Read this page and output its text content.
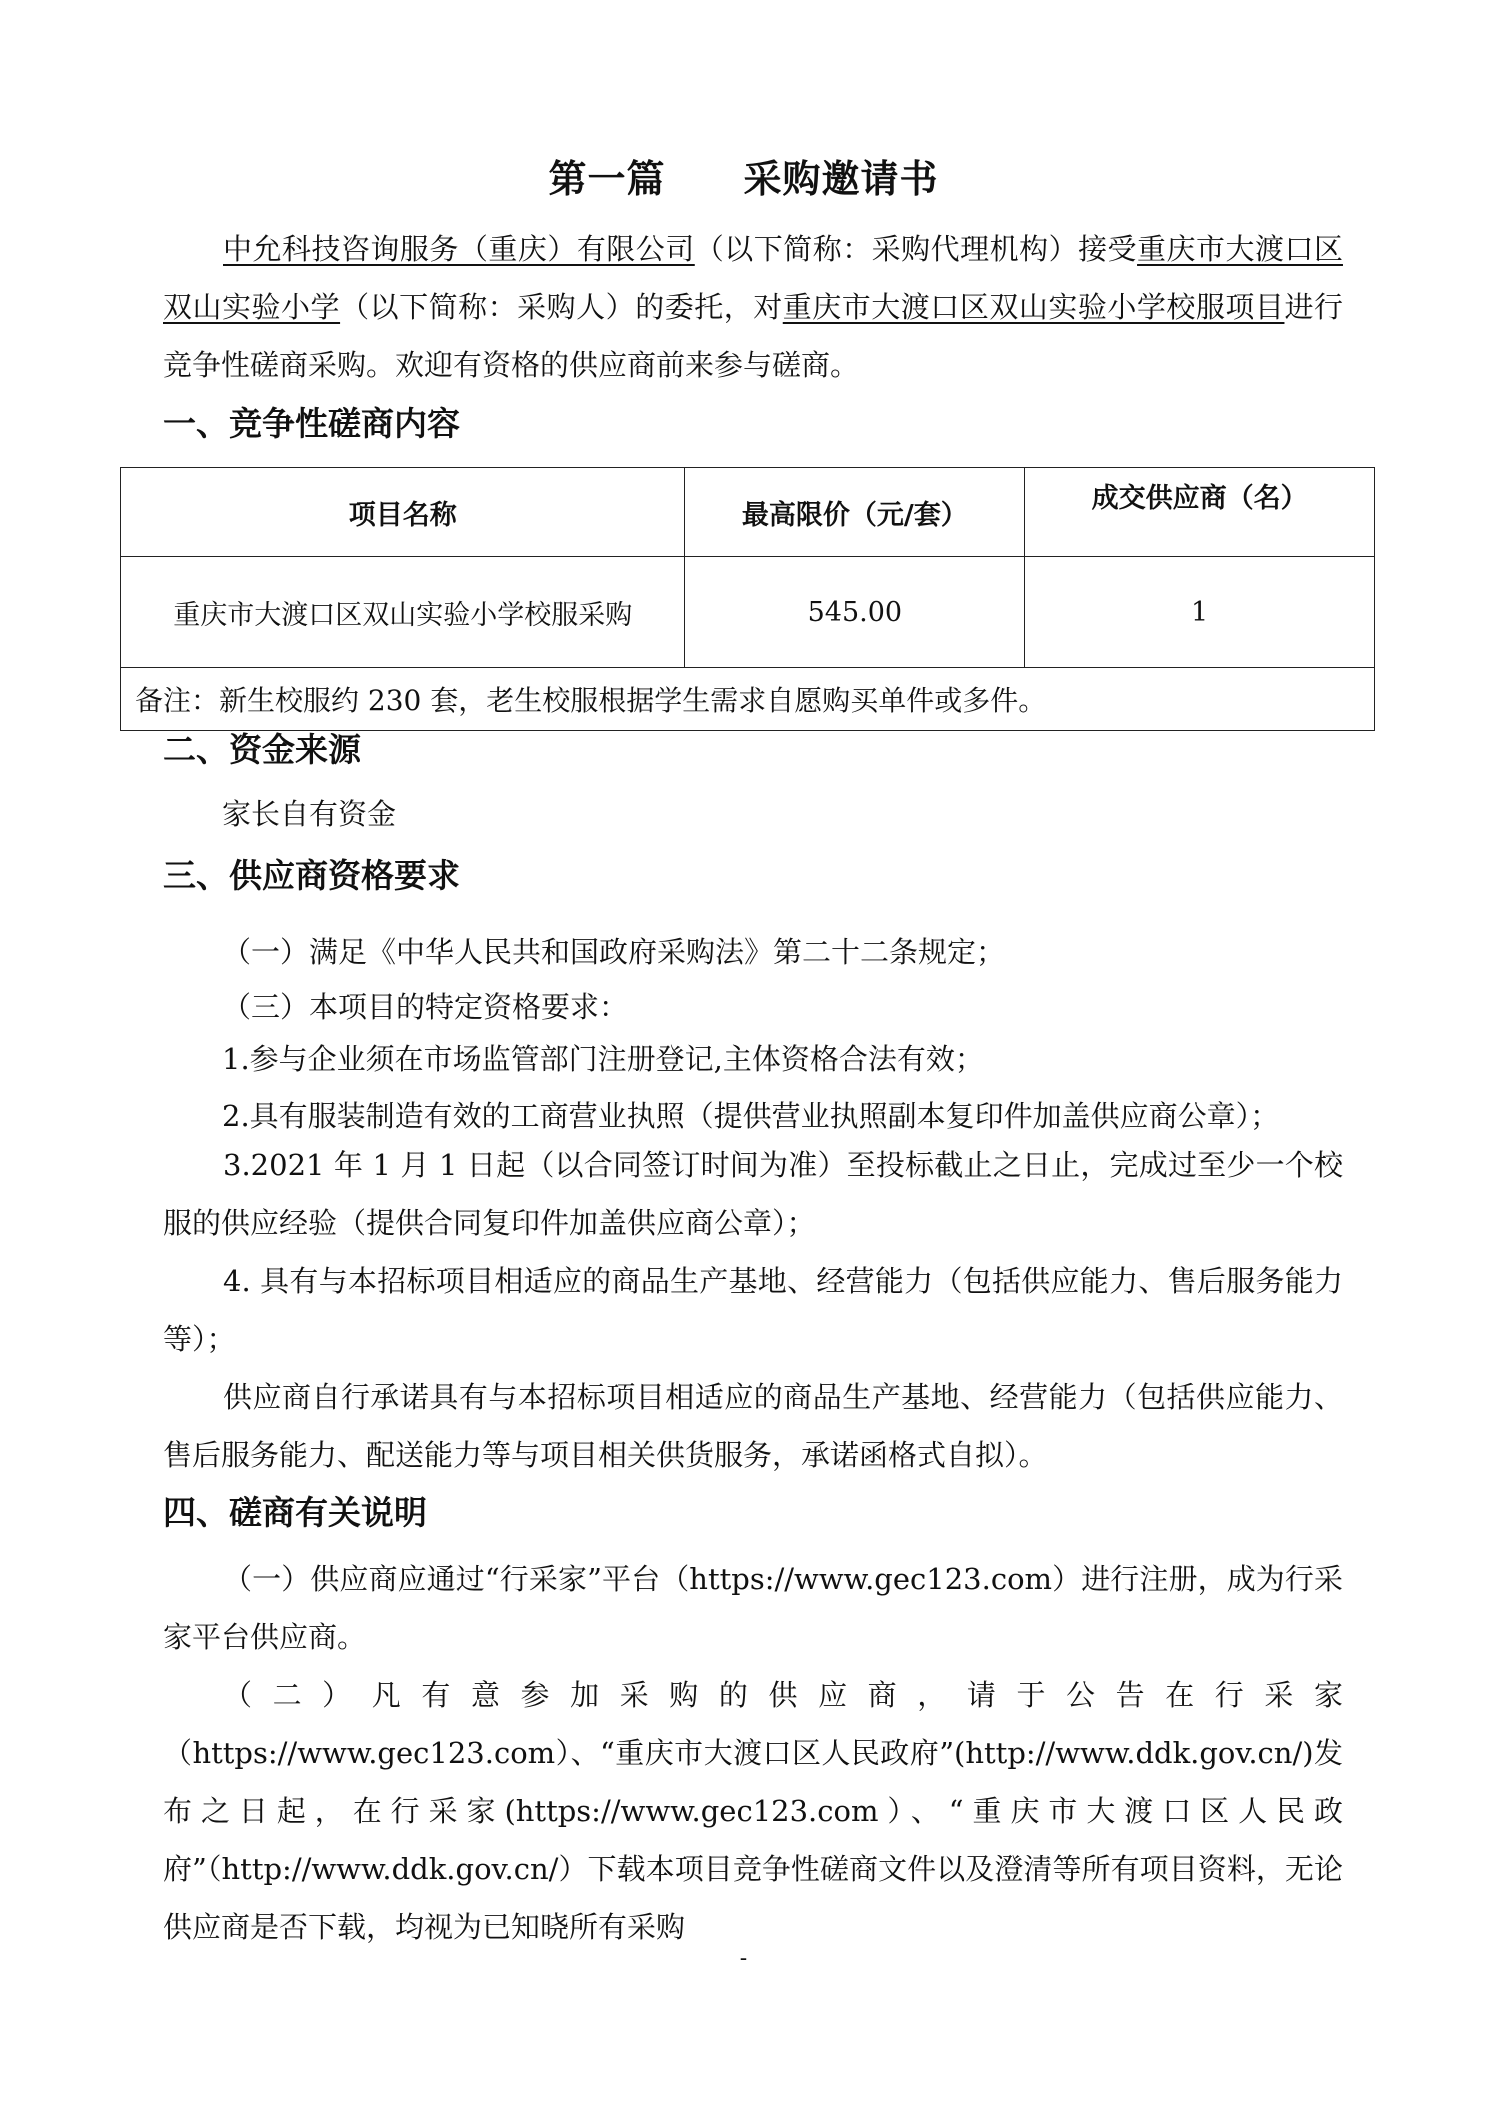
第一篇　　采购邀请书
中允科技咨询服务（重庆）有限公司（以下简称：采购代理机构）接受重庆市大渡口区双山实验小学（以下简称：采购人）的委托，对重庆市大渡口区双山实验小学校服项目进行竞争性磋商采购。欢迎有资格的供应商前来参与磋商。
一、竞争性磋商内容
项目名称	最高限价（元/套）	成交供应商（名）
重庆市大渡口区双山实验小学校服采购	545.00	1
备注：新生校服约 230 套，老生校服根据学生需求自愿购买单件或多件。		
二、资金来源
家长自有资金
三、供应商资格要求
（一）满足《中华人民共和国政府采购法》第二十二条规定；
（三）本项目的特定资格要求：
1.参与企业须在市场监管部门注册登记,主体资格合法有效；
2.具有服装制造有效的工商营业执照（提供营业执照副本复印件加盖供应商公章）；
3.2021 年 1 月 1 日起（以合同签订时间为准）至投标截止之日止，完成过至少一个校服的供应经验（提供合同复印件加盖供应商公章）；
4. 具有与本招标项目相适应的商品生产基地、经营能力（包括供应能力、售后服务能力等）；
供应商自行承诺具有与本招标项目相适应的商品生产基地、经营能力（包括供应能力、售后服务能力、配送能力等与项目相关供货服务，承诺函格式自拟）。
四、磋商有关说明
（一）供应商应通过“行采家”平台（https://www.gec123.com）进行注册，成为行采家平台供应商。
（二）凡有意参加采购的供应商，请于公告在行采家（https://www.gec123.com）、“重庆市大渡口区人民政府”(http://www.ddk.gov.cn/)发布之日起，在行采家(https://www.gec123.com）、“重庆市大渡口区人民政府”（http://www.ddk.gov.cn/）下载本项目竞争性磋商文件以及澄清等所有项目资料，无论供应商是否下载，均视为已知晓所有采购
-
